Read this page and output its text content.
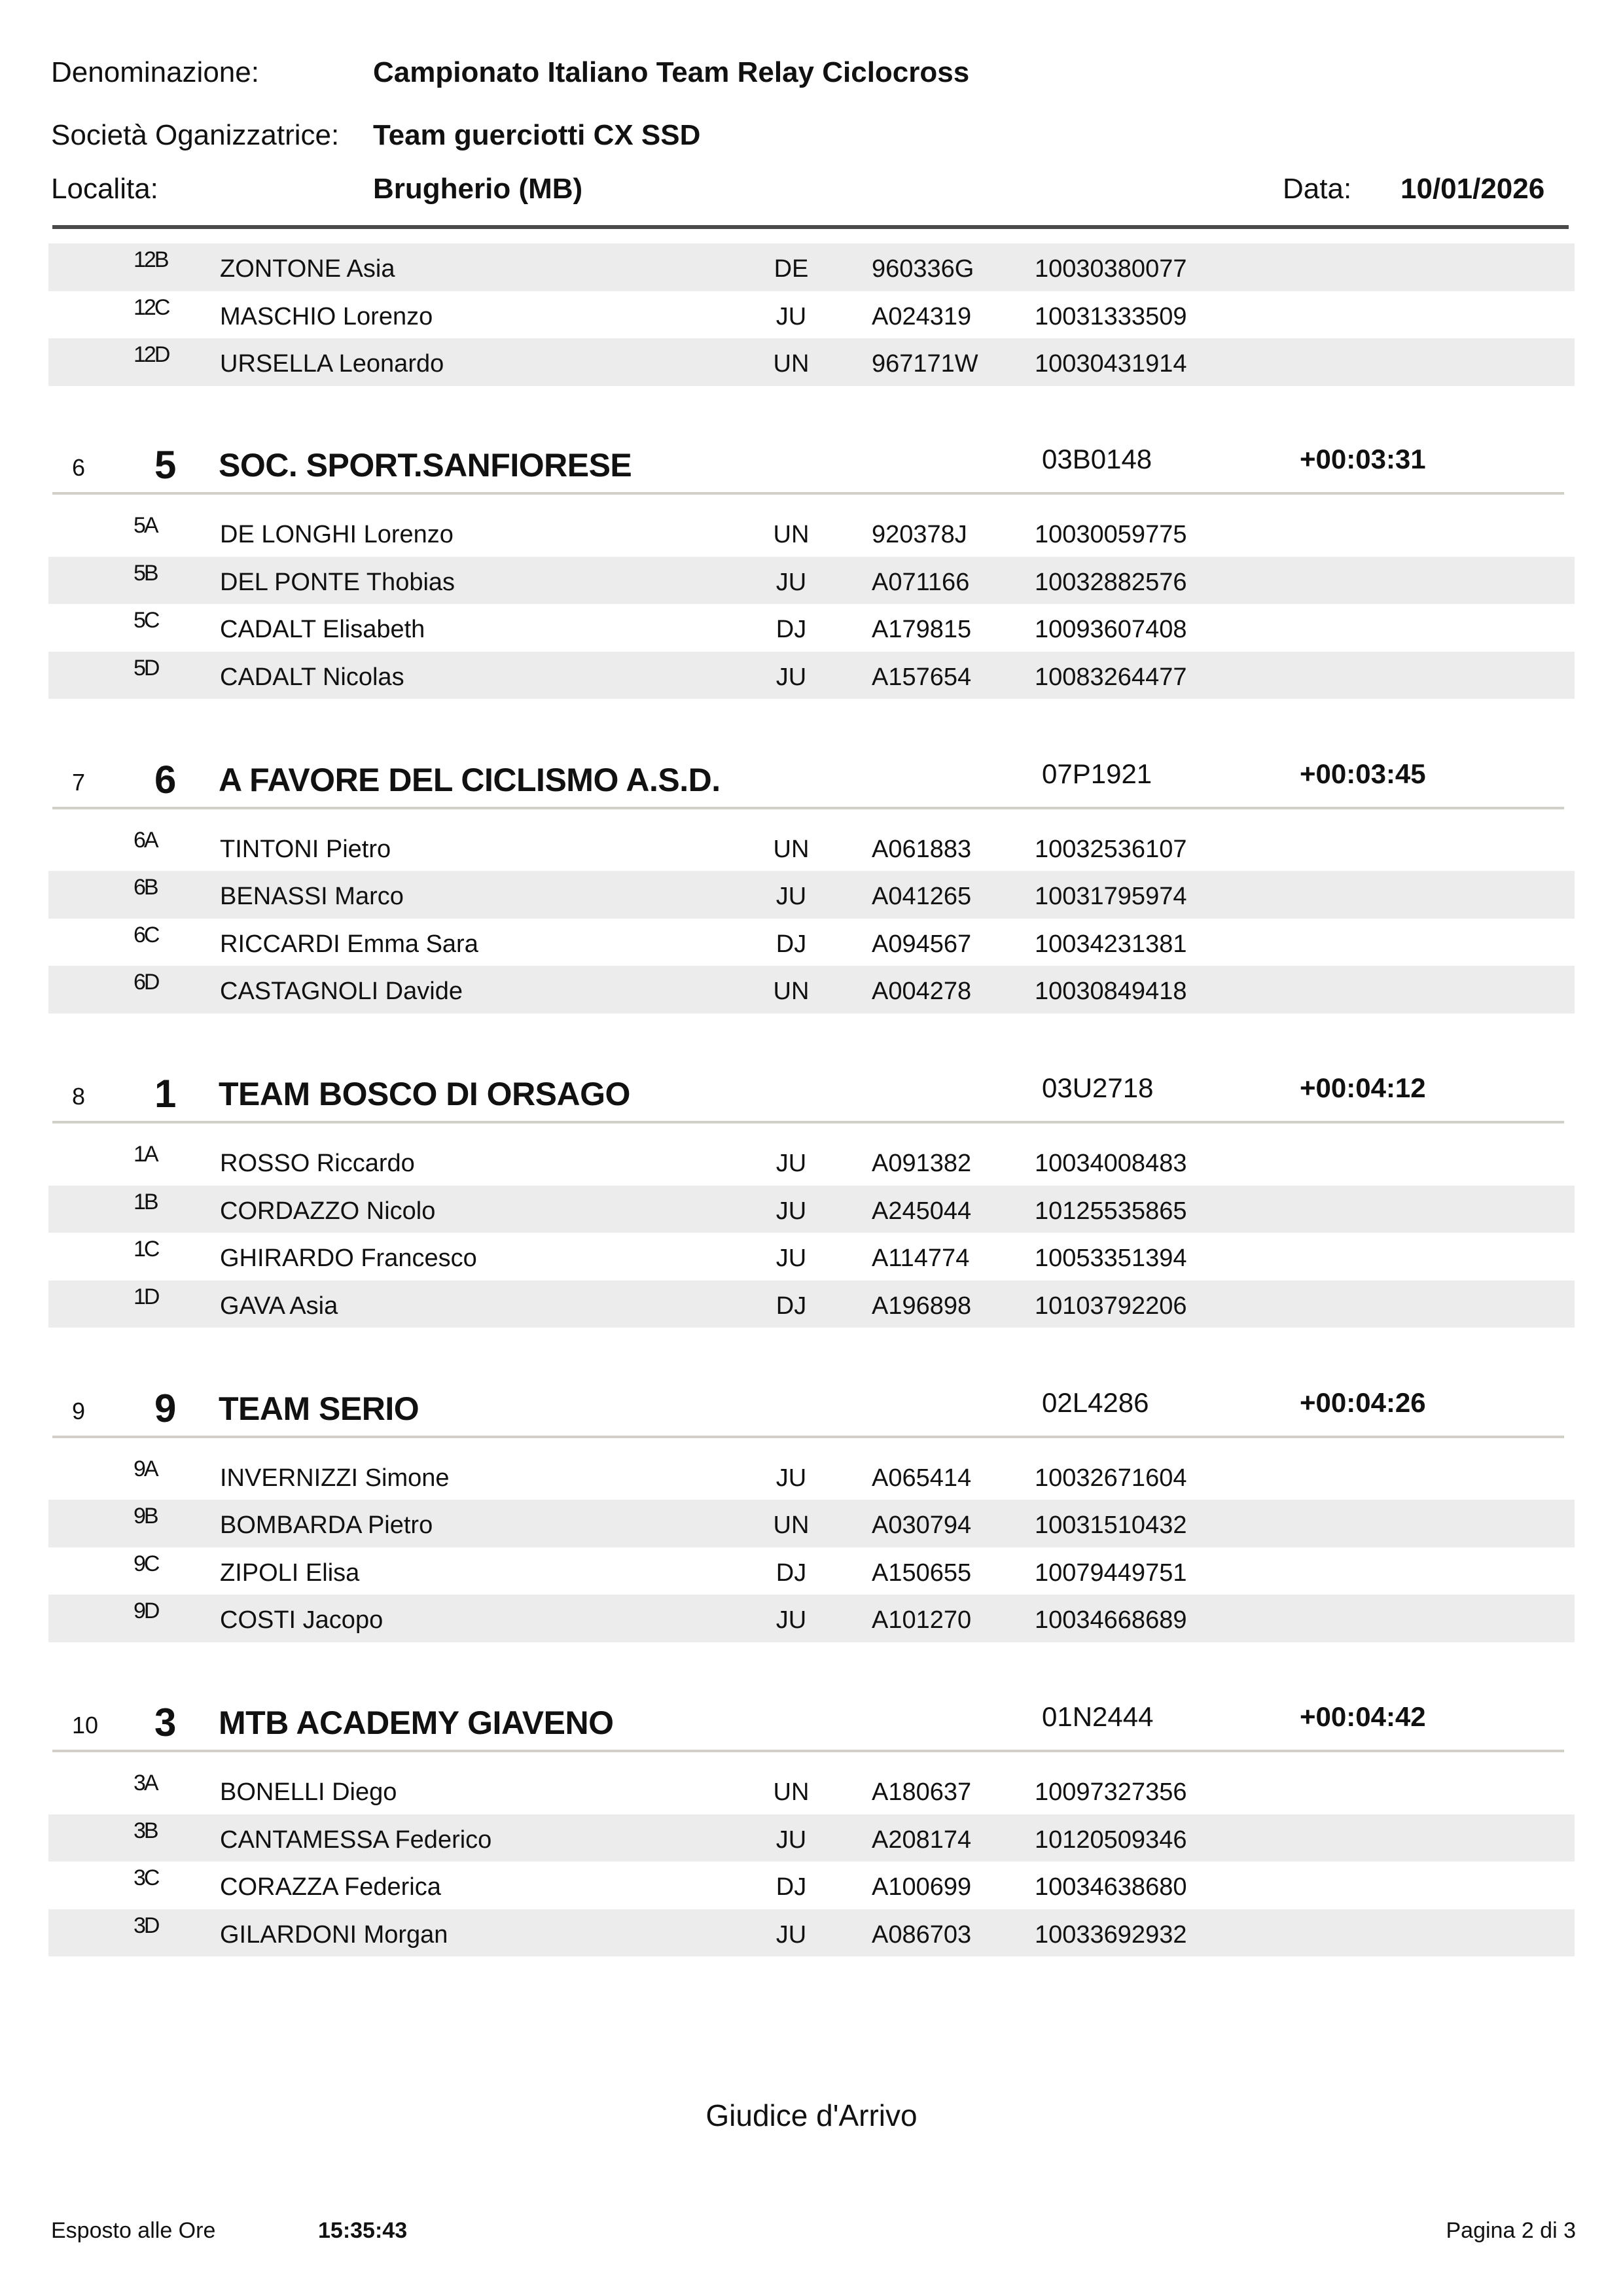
Denominazione:	Campionato Italiano Team Relay Ciclocross
Società Oganizzatrice: Team guerciotti CX SSD
Localita:	Brugherio (MB)	Data: 10/01/2026
12B ZONTONE Asia	DE	960336G 10030380077
12C MASCHIO Lorenzo	JU	A024319	10031333509
12D URSELLA Leonardo	UN	967171W 10030431914
6 5 SOC. SPORT.SANFIORESE	03B0148	+00:03:31
5A	DE LONGHI Lorenzo	UN	920378J	10030059775
5B	DEL PONTE Thobias	JU	A071166	10032882576
5C CADALT Elisabeth	DJ	A179815	10093607408
5D CADALT Nicolas	JU	A157654	10083264477
7 6 A FAVORE DEL CICLISMO A.S.D.	07P1921	+00:03:45
6A	TINTONI Pietro	UN	A061883	10032536107
6B	BENASSI Marco	JU	A041265	10031795974
6C RICCARDI Emma Sara	DJ	A094567	10034231381
6D CASTAGNOLI Davide	UN	A004278	10030849418
8 1 TEAM BOSCO DI ORSAGO	03U2718	+00:04:12
1A	ROSSO Riccardo	JU	A091382	10034008483
1B	CORDAZZO Nicolo	JU	A245044	10125535865
1C GHIRARDO Francesco	JU	A114774	10053351394
1D GAVA Asia	DJ	A196898	10103792206
9 9 TEAM SERIO	02L4286	+00:04:26
9A	INVERNIZZI Simone	JU	A065414	10032671604
9B	BOMBARDA Pietro	UN	A030794	10031510432
9C ZIPOLI Elisa	DJ	A150655	10079449751
9D COSTI Jacopo	JU	A101270	10034668689
10 3 MTB ACADEMY GIAVENO	01N2444	+00:04:42
3A	BONELLI Diego	UN	A180637	10097327356
3B	CANTAMESSA Federico	JU	A208174	10120509346
3C CORAZZA Federica	DJ	A100699	10034638680
3D GILARDONI Morgan	JU	A086703	10033692932
Giudice d'Arrivo
Esposto alle Ore	15:35:43	Pagina 2 di 3
